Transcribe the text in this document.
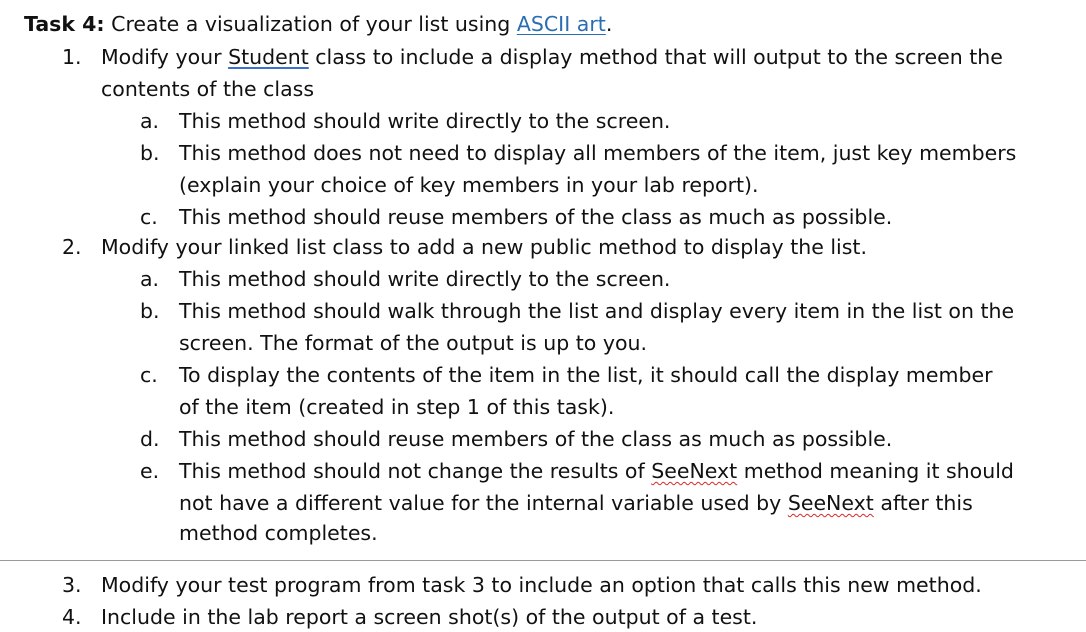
Task 4: Create a visualization of your list using ASCII art.
1. Modify your Student class to include a display method that will output to the screen the
contents of the class
a. This method should write directly to the screen.
b. This method does not need to display all members of the item, just key members
(explain your choice of key members in your lab report).
c. This method should reuse members of the class as much as possible.
2. Modify your linked list class to add a new public method to display the list.
a. This method should write directly to the screen.
b. This method should walk through the list and display every item in the list on the
screen. The format of the output is up to you.
c. To display the contents of the item in the list, it should call the display member
of the item (created in step 1 of this task).
d. This method should reuse members of the class as much as possible.
e. This method should not change the results of SeeNext method meaning it should
not have a different value for the internal variable used by SeeNext after this
method completes.
3. Modify your test program from task 3 to include an option that calls this new method.
4. Include in the lab report a screen shot(s) of the output of a test.
